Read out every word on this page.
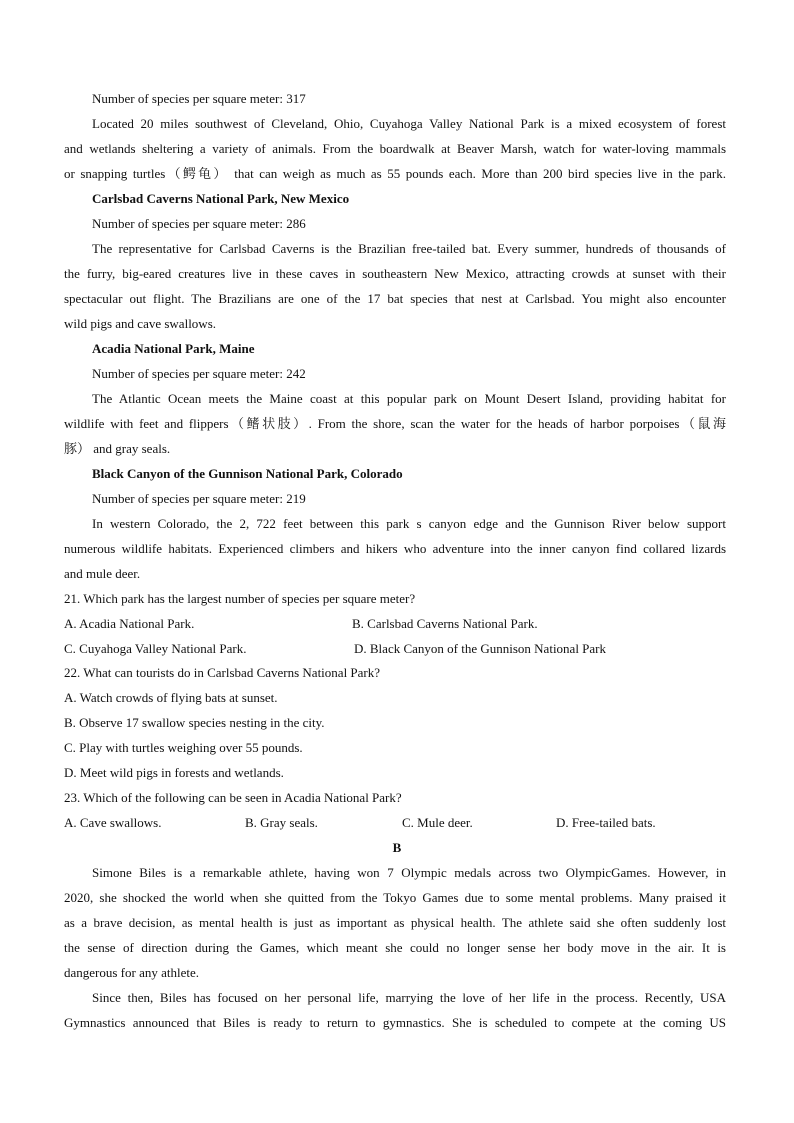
Number of species per square meter: 317
Located 20 miles southwest of Cleveland, Ohio, Cuyahoga Valley National Park is a mixed ecosystem of forest
and wetlands sheltering a variety of animals. From the boardwalk at Beaver Marsh, watch for water-loving mammals
or snapping turtles（鳄龟） that can weigh as much as 55 pounds each. More than 200 bird species live in the park.
Carlsbad Caverns National Park, New Mexico
Number of species per square meter: 286
The representative for Carlsbad Caverns is the Brazilian free-tailed bat. Every summer, hundreds of thousands of
the furry, big-eared creatures live in these caves in southeastern New Mexico, attracting crowds at sunset with their
spectacular out flight. The Brazilians are one of the 17 bat species that nest at Carlsbad. You might also encounter
wild pigs and cave swallows.
Acadia National Park, Maine
Number of species per square meter: 242
The Atlantic Ocean meets the Maine coast at this popular park on Mount Desert Island, providing habitat for
wildlife with feet and flippers（鳍状肢）. From the shore, scan the water for the heads of harbor porpoises（鼠海
豚） and gray seals.
Black Canyon of the Gunnison National Park, Colorado
Number of species per square meter: 219
In western Colorado, the 2, 722 feet between this park s canyon edge and the Gunnison River below support
numerous wildlife habitats. Experienced climbers and hikers who adventure into the inner canyon find collared lizards
and mule deer.
21. Which park has the largest number of species per square meter?
A. Acadia National Park.	B. Carlsbad Caverns National Park.
C. Cuyahoga Valley National Park.	D. Black Canyon of the Gunnison National Park
22. What can tourists do in Carlsbad Caverns National Park?
A. Watch crowds of flying bats at sunset.
B. Observe 17 swallow species nesting in the city.
C. Play with turtles weighing over 55 pounds.
D. Meet wild pigs in forests and wetlands.
23. Which of the following can be seen in Acadia National Park?
A. Cave swallows.	B. Gray seals.	C. Mule deer.	D. Free-tailed bats.
B
Simone Biles is a remarkable athlete, having won 7 Olympic medals across two OlympicGames. However, in
2020, she shocked the world when she quitted from the Tokyo Games due to some mental problems. Many praised it
as a brave decision, as mental health is just as important as physical health. The athlete said she often suddenly lost
the sense of direction during the Games, which meant she could no longer sense her body move in the air. It is
dangerous for any athlete.
Since then, Biles has focused on her personal life, marrying the love of her life in the process. Recently, USA
Gymnastics announced that Biles is ready to return to gymnastics. She is scheduled to compete at the coming US
